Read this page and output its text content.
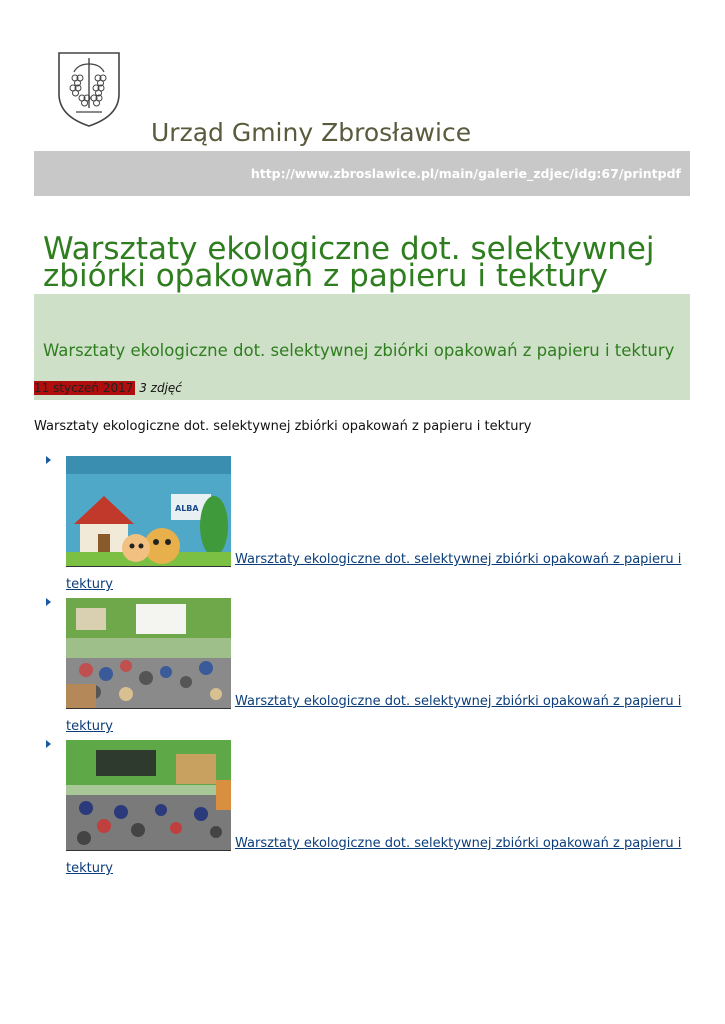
Urząd Gminy Zbrosławice
http://www.zbroslawice.pl/main/galerie_zdjec/idg:67/printpdf
Warsztaty ekologiczne dot. selektywnej zbiórki opakowań z papieru i tektury
Warsztaty ekologiczne dot. selektywnej zbiórki opakowań z papieru i tektury
11 styczeń 2017 3 zdjęć
Warsztaty ekologiczne dot. selektywnej zbiórki opakowań z papieru i tektury
ALBA
Warsztaty ekologiczne dot. selektywnej zbiórki opakowań z papieru i
tektury
Warsztaty ekologiczne dot. selektywnej zbiórki opakowań z papieru i
tektury
Warsztaty ekologiczne dot. selektywnej zbiórki opakowań z papieru i
tektury
